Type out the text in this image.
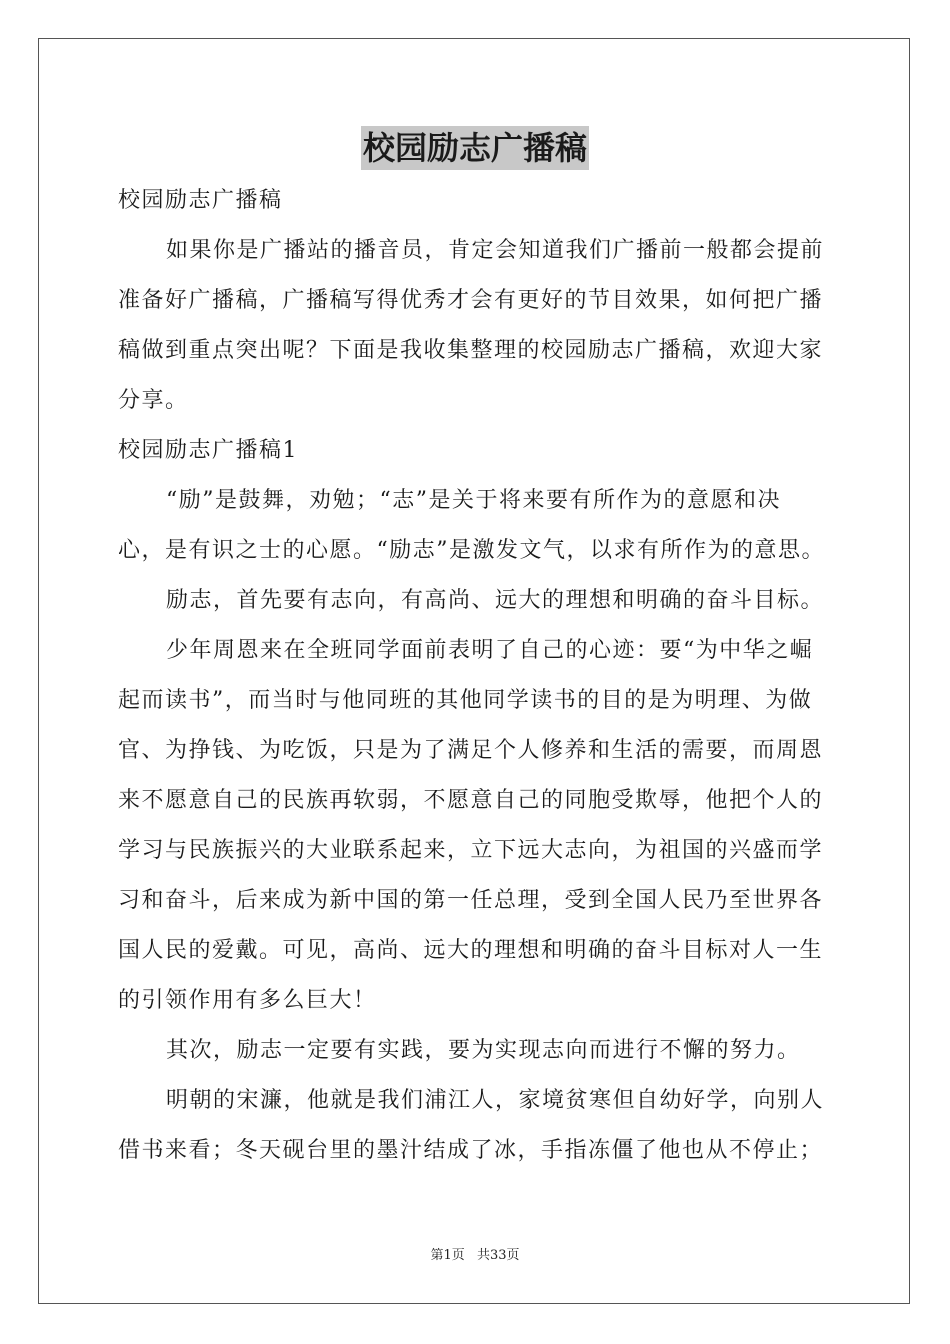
校园励志广播稿
校园励志广播稿
如果你是广播站的播音员，肯定会知道我们广播前一般都会提前
准备好广播稿，广播稿写得优秀才会有更好的节目效果，如何把广播
稿做到重点突出呢？下面是我收集整理的校园励志广播稿，欢迎大家
分享。
校园励志广播稿1
“励”是鼓舞，劝勉；“志”是关于将来要有所作为的意愿和决
心，是有识之士的心愿。“励志”是激发文气，以求有所作为的意思。
励志，首先要有志向，有高尚、远大的理想和明确的奋斗目标。
少年周恩来在全班同学面前表明了自己的心迹：要“为中华之崛
起而读书”，而当时与他同班的其他同学读书的目的是为明理、为做
官、为挣钱、为吃饭，只是为了满足个人修养和生活的需要，而周恩
来不愿意自己的民族再软弱，不愿意自己的同胞受欺辱，他把个人的
学习与民族振兴的大业联系起来，立下远大志向，为祖国的兴盛而学
习和奋斗，后来成为新中国的第一任总理，受到全国人民乃至世界各
国人民的爱戴。可见，高尚、远大的理想和明确的奋斗目标对人一生
的引领作用有多么巨大！
其次，励志一定要有实践，要为实现志向而进行不懈的努力。
明朝的宋濂，他就是我们浦江人，家境贫寒但自幼好学，向别人
借书来看；冬天砚台里的墨汁结成了冰，手指冻僵了他也从不停止；
第1页 共33页
